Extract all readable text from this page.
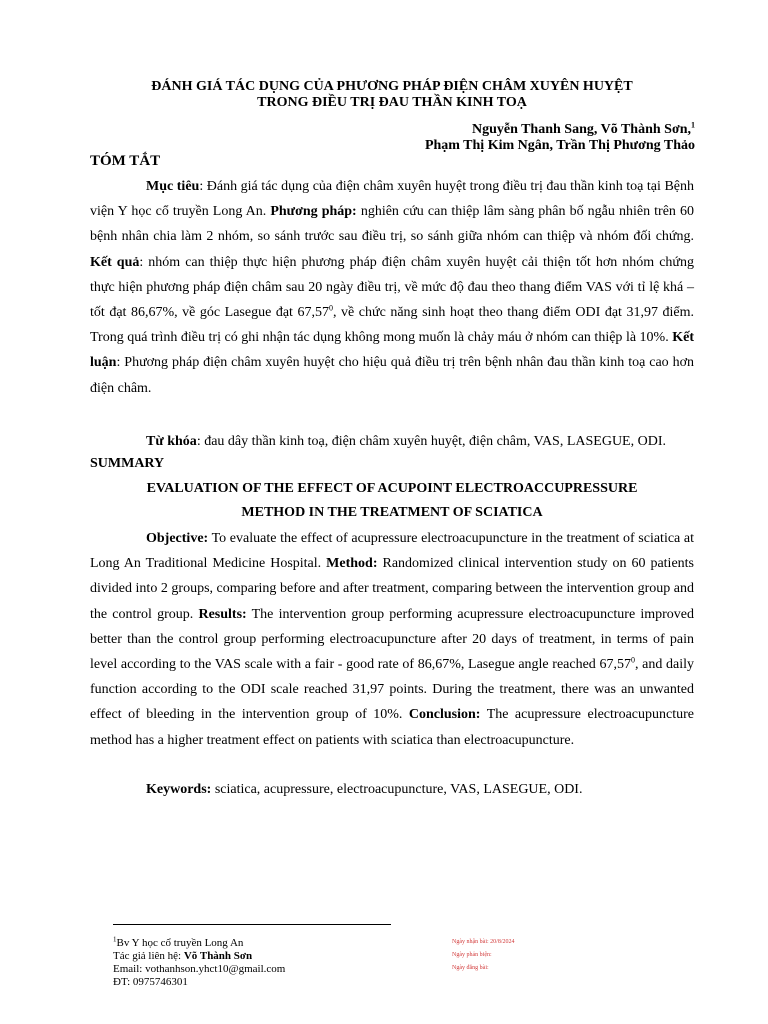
ĐÁNH GIÁ TÁC DỤNG CỦA PHƯƠNG PHÁP ĐIỆN CHÂM XUYÊN HUYỆT
TRONG ĐIỀU TRỊ ĐAU THẦN KINH TOẠ
Nguyễn Thanh Sang, Võ Thành Sơn,$^1$
Phạm Thị Kim Ngân, Trần Thị Phương Thảo
TÓM TẮT

Mục tiêu: Đánh giá tác dụng của điện châm xuyên huyệt trong điều trị đau thần kinh toạ tại Bệnh viện Y học cổ truyền Long An. Phương pháp: nghiên cứu can thiệp lâm sàng phân bố ngẫu nhiên trên 60 bệnh nhân chia làm 2 nhóm, so sánh trước sau điều trị, so sánh giữa nhóm can thiệp và nhóm đối chứng. Kết quả: nhóm can thiệp thực hiện phương pháp điện châm xuyên huyệt cải thiện tốt hơn nhóm chứng thực hiện phương pháp điện châm sau 20 ngày điều trị, về mức độ đau theo thang điểm VAS với tỉ lệ khá – tốt đạt 86,67%, về góc Lasegue đạt 67,57$^0$, về chức năng sinh hoạt theo thang điểm ODI đạt 31,97 điểm. Trong quá trình điều trị có ghi nhận tác dụng không mong muốn là chảy máu ở nhóm can thiệp là 10%. Kết luận: Phương pháp điện châm xuyên huyệt cho hiệu quả điều trị trên bệnh nhân đau thần kinh toạ cao hơn điện châm.

Từ khóa: đau dây thần kinh toạ, điện châm xuyên huyệt, điện châm, VAS, LASEGUE, ODI.

SUMMARY
EVALUATION OF THE EFFECT OF ACUPOINT ELECTROACCUPRESSURE
METHOD IN THE TREATMENT OF SCIATICA

Objective: To evaluate the effect of acupressure electroacupuncture in the treatment of sciatica at Long An Traditional Medicine Hospital. Method: Randomized clinical intervention study on 60 patients divided into 2 groups, comparing before and after treatment, comparing between the intervention group and the control group. Results: The intervention group performing acupressure electroacupuncture improved better than the control group performing electroacupuncture after 20 days of treatment, in terms of pain level according to the VAS scale with a fair - good rate of 86,67%, Lasegue angle reached 67,57$^0$, and daily function according to the ODI scale reached 31,97 points. During the treatment, there was an unwanted effect of bleeding in the intervention group of 10%. Conclusion: The acupressure electroacupuncture method has a higher treatment effect on patients with sciatica than electroacupuncture.

Keywords: sciatica, acupressure, electroacupuncture, VAS, LASEGUE, ODI.

$^1$Bv Y học cổ truyền Long An
Tác giả liên hệ: Võ Thành Sơn
Email: vothanhson.yhct10@gmail.com
ĐT: 0975746301
Ngày nhận bài: 20/8/2024
Ngày phản biện:
Ngày đăng bài:
